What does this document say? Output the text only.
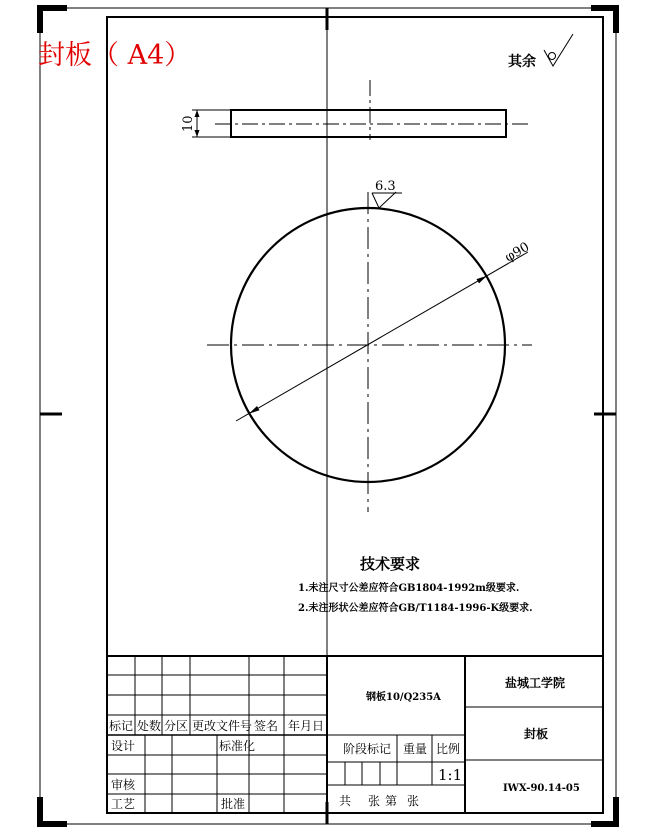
封板（ A4）	其余
10
6.3
φ90
技术要求
1.未注尺寸公差应符合GB1804-1992m级要求.
2.未注形状公差应符合GB/T1184-1996-K级要求.
标记 处数 分区 更改文件号 签名 年月日
设计	标准化
审核
工艺	批准
钢板10/Q235A
阶段标记 重量 比例
1:1
共 张 第 张
盐城工学院
封板
IWX-90.14-05
